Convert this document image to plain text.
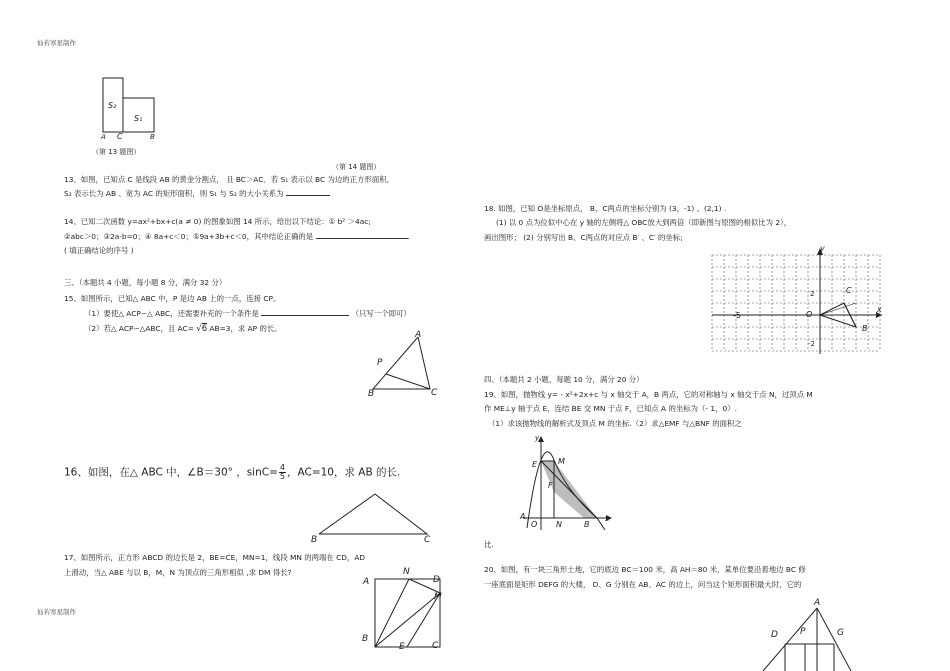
仙若寒星制作
S₂
S₁
A C	B
（第 13 题图）
（第 14 题图）
13、如图，已知点 C 是线段 AB 的黄金分割点， 且 BC＞AC．若 S₁ 表示以 BC 为边的正方形面积,
S₂ 表示长为 AB 、宽为 AC 的矩形面积，则 S₁ 与 S₂ 的大小关系为
14、已知二次函数 y=ax²+bx+c(a ≠ 0) 的图象如图 14 所示，给出以下结论：① b² ＞4ac;
②abc＞0；③2a-b=0；④ 8a+c＜0；⑤9a+3b+c＜0，其中结论正确的是	.
( 填正确结论的序号 )
三、（本题共 4 小题，每小题 8 分，满分 32 分）
15、如图所示，已知△ ABC 中，P 是边 AB 上的一点，连接 CP。
（1）要使△ ACP∽△ ABC，还需要补充的一个条件是	（只写一个即可）
（2）若△ ACP∽△ABC，且 AC= √6 AB=3，求 AP 的长。
A
P
B	C
16、如图，在△ ABC 中，∠B＝30° ，$\sin C= \frac{4}{5}$ ，AC=10，求 AB 的长.
B	C
17、如图所示，正方形 ABCD 的边长是 2，BE=CE，MN=1，线段 MN 的两端在 CD，AD
上滑动，当△ ABE 与以 B，M，N 为顶点的三角形相似 ,求 DM 得长?
A
N
D
M
B
E	C
仙若寒星制作
18. 如图，已知 O是坐标原点， B、C两点的坐标分别为 (3，-1) 、(2,1) .
(1) 以 0 点为位似中心在 y 轴的左侧将△ OBC放大到两倍（即新图与原图的相似比为 2），
画出图形； (2) 分别写出 B、C两点的对应点 B′ 、C′ 的坐标;
y
x
O
C
B
-5
2
-2
四、（本题共 2 小题，每题 10 分，满分 20 分）
19、如图，抛物线 y= - x²+2x+c 与 x 轴交于 A，B 两点，它的对称轴与 x 轴交于点 N，过顶点 M
作 ME⊥y 轴于点 E，连结 BE 交 MN 于点 F，已知点 A 的坐标为（- 1，0）.
（1）求该抛物线的解析式及顶点 M 的坐标.（2）求△EMF 与△BNF 的面积之
y
E	M
F
A
O N	B
x
比.
20、如图，有一块三角形土地，它的底边 BC＝100 米，高 AH＝80 米，某单位要沿着地边 BC 修
一座底面是矩形 DEFG 的大楼， D、G 分别在 AB、AC 的边上，问当这个矩形面积最大时，它的
A
D P	G
